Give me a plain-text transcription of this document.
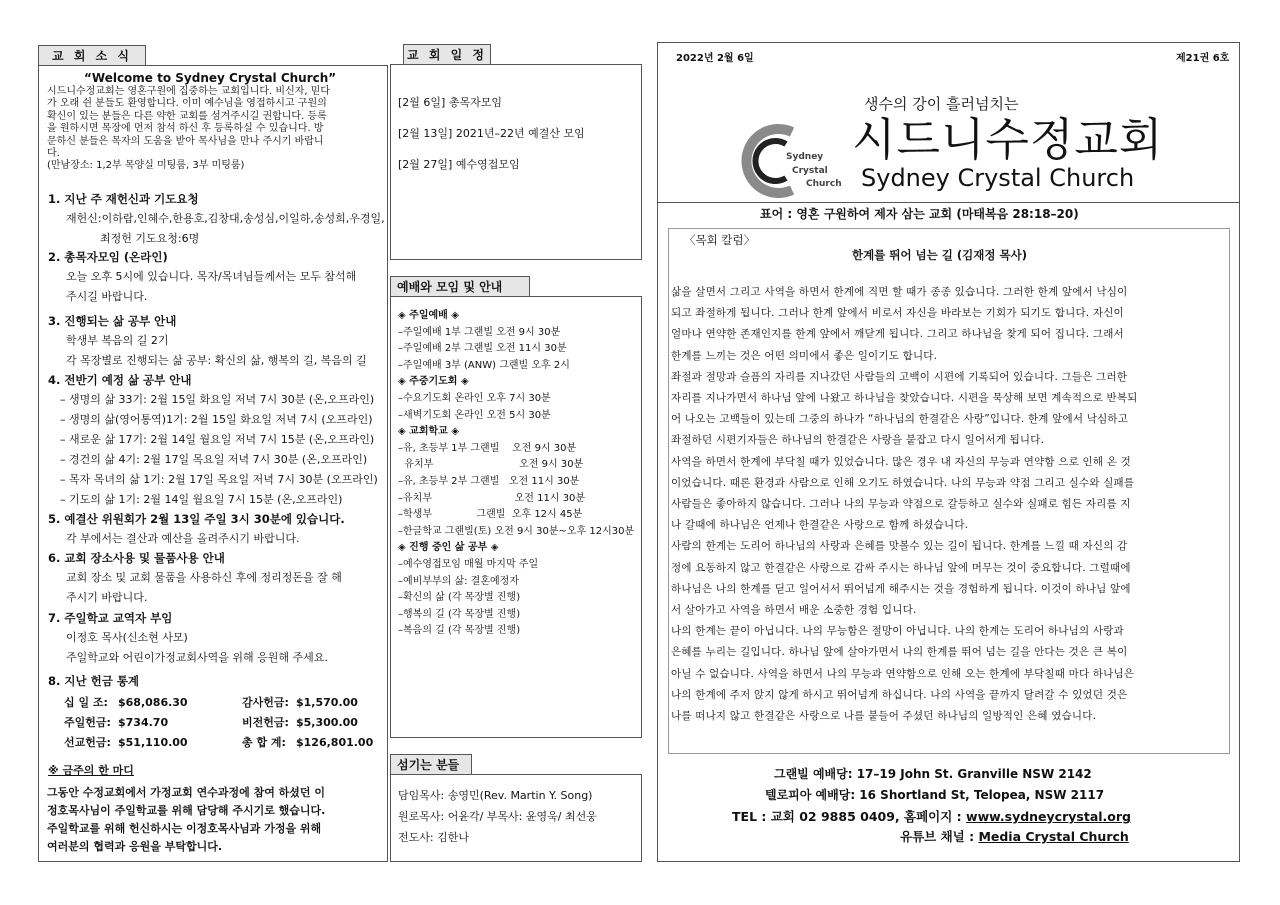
교 회 소 식
“Welcome to Sydney Crystal Church”
시드니수정교회는 영혼구원에 집중하는 교회입니다. 비신자, 믿다
가 오래 쉰 분들도 환영합니다. 이미 예수님을 영접하시고 구원의
확신이 있는 분들은 다른 약한 교회를 섬겨주시길 권합니다. 등록
을 원하시면 목장에 먼저 참석 하신 후 등록하실 수 있습니다. 방
문하신 분들은 목자의 도움을 받아 목사님을 만나 주시기 바랍니
다.
(만남장소: 1,2부 목양실 미팅룸, 3부 미팅룸)
1. 지난 주 재헌신과 기도요청
재헌신:이하람,인혜수,한용호,김창대,송성심,이일하,송성희,우경일,
최정헌 기도요청:6명
2. 총목자모임 (온라인)
오늘 오후 5시에 있습니다. 목자/목녀님들께서는 모두 참석해
주시길 바랍니다.
3. 진행되는 삶 공부 안내
학생부 복음의 길 2기
각 목장별로 진행되는 삶 공부: 확신의 삶, 행복의 길, 복음의 길
4. 전반기 예정 삶 공부 안내
– 생명의 삶 33기: 2월 15일 화요일 저녁 7시 30분 (온,오프라인)
– 생명의 삶(영어통역)1기: 2월 15일 화요일 저녁 7시 (오프라인)
– 새로운 삶 17기: 2월 14일 월요일 저녁 7시 15분 (온,오프라인)
– 경건의 삶 4기: 2월 17일 목요일 저녁 7시 30분 (온,오프라인)
– 목자 목녀의 삶 1기: 2월 17일 목요일 저녁 7시 30분 (오프라인)
– 기도의 삶 1기: 2월 14일 월요일 7시 15분 (온,오프라인)
5. 예결산 위원회가 2월 13일 주일 3시 30분에 있습니다.
각 부에서는 결산과 예산을 올려주시기 바랍니다.
6. 교회 장소사용 및 물품사용 안내
교회 장소 및 교회 물품을 사용하신 후에 정리정돈을 잘 해
주시기 바랍니다.
7. 주일학교 교역자 부임
이정호 목사(신소현 사모)
주일학교와 어린이가정교회사역을 위해 응원해 주세요.
8. 지난 헌금 통계
십 일 조: $68,086.30	감사헌금: $1,570.00
주일헌금: $734.70	비전헌금: $5,300.00
선교헌금: $51,110.00	총 합 계: $126,801.00
※ 금주의 한 마디
그동안 수정교회에서 가정교회 연수과정에 참여 하셨던 이
정호목사님이 주일학교를 위해 담당해 주시기로 했습니다.
주일학교를 위해 헌신하시는 이정호목사님과 가정을 위해
여러분의 협력과 응원을 부탁합니다.
교 회 일 정
[2월 6일] 총목자모임
[2월 13일] 2021년–22년 예결산 모임
[2월 27일] 예수영접모임
예배와 모임 및 안내
◈ 주일예배 ◈
–주일예배 1부 그랜빌 오전 9시 30분
–주일예배 2부 그랜빌 오전 11시 30분
–주일예배 3부 (ANW) 그랜빌 오후 2시
◈ 주중기도회 ◈
–수요기도회 온라인 오후 7시 30분
–새벽기도회 온라인 오전 5시 30분
◈ 교회학교 ◈
–유, 초등부 1부 그랜빌    오전 9시 30분
유치부                           오전 9시 30분
–유, 초등부 2부 그랜빌   오전 11시 30분
–유치부                          오전 11시 30분
–학생부              그랜빌  오후 12시 45분
–한글학교 그랜빌(토) 오전 9시 30분~오후 12시30분
◈ 진행 중인 삶 공부 ◈
–예수영접모임 매월 마지막 주일
–예비부부의 삶: 결혼예정자
–확신의 삶 (각 목장별 진행)
–행복의 길 (각 목장별 진행)
–복음의 길 (각 목장별 진행)
섬기는 분들
담임목사: 송영민(Rev. Martin Y. Song)
원로목사: 어윤각/ 부목사: 윤영욱/ 최선웅
전도사: 김한나
2022년 2월 6일	제21권 6호
생수의 강이 흘러넘치는
Sydney
Crystal
Church
시드니수정교회
Sydney Crystal Church
표어 : 영혼 구원하여 제자 삼는 교회 (마태복음 28:18–20)
〈목회 칼럼〉
한계를 뛰어 넘는 길 (김재정 목사)
삶을 살면서 그리고 사역을 하면서 한계에 직면 할 때가 종종 있습니다. 그러한 한계 앞에서 낙심이
되고 좌절하게 됩니다. 그러나 한계 앞에서 비로서 자신을 바라보는 기회가 되기도 합니다. 자신이
얼마나 연약한 존재인지를 한계 앞에서 깨닫게 됩니다. 그리고 하나님을 찾게 되어 집니다. 그래서
한계를 느끼는 것은 어떤 의미에서 좋은 일이기도 합니다.
좌절과 절망과 슬픔의 자리를 지나갔던 사람들의 고백이 시편에 기록되어 있습니다. 그들은 그러한
자리를 지나가면서 하나님 앞에 나왔고 하나님을 찾았습니다. 시편을 묵상해 보면 계속적으로 반복되
어 나오는 고백들이 있는데 그중의 하나가 “하나님의 한결같은 사랑”입니다. 한계 앞에서 낙심하고
좌절하던 시편기자들은 하나님의 한결같은 사랑을 붙잡고 다시 일어서게 됩니다.
사역을 하면서 한계에 부닥칠 때가 있었습니다. 많은 경우 내 자신의 무능과 연약함 으로 인해 온 것
이었습니다. 때론 환경과 사람으로 인해 오기도 하였습니다. 나의 무능과 약점 그리고 실수와 실패를
사람들은 좋아하지 않습니다. 그러나 나의 무능과 약점으로 갈등하고 실수와 실패로 힘든 자리를 지
나 갈때에 하나님은 언제나 한결같은 사랑으로 함께 하셨습니다.
사람의 한계는 도리어 하나님의 사랑과 은혜를 맛볼수 있는 길이 됩니다. 한계를 느낄 때 자신의 감
정에 요동하지 않고 한결같은 사랑으로 감싸 주시는 하나님 앞에 머무는 것이 중요합니다. 그럴때에
하나님은 나의 한계를 딛고 일어서서 뛰어넘게 해주시는 것을 경험하게 됩니다. 이것이 하나님 앞에
서 살아가고 사역을 하면서 배운 소중한 경험 입니다.
나의 한계는 끝이 아닙니다. 나의 무능함은 절망이 아닙니다. 나의 한계는 도리어 하나님의 사랑과
은혜를 누리는 길입니다. 하나님 앞에 살아가면서 나의 한계를 뛰어 넘는 길을 안다는 것은 큰 복이
아닐 수 없습니다. 사역을 하면서 나의 무능과 연약함으로 인해 오는 한계에 부닥칠때 마다 하나님은
나의 한계에 주저 앉지 않게 하시고 뛰어넘게 하십니다. 나의 사역을 끝까지 달려갈 수 있었던 것은
나를 떠나지 않고 한결같은 사랑으로 나를 붙들어 주셨던 하나님의 일방적인 은혜 였습니다.
그랜빌 예배당: 17–19 John St. Granville NSW 2142
텔로피아 예배당: 16 Shortland St, Telopea, NSW 2117
TEL : 교회 02 9885 0409, 홈페이지 : www.sydneycrystal.org
유튜브 채널 : Media Crystal Church
